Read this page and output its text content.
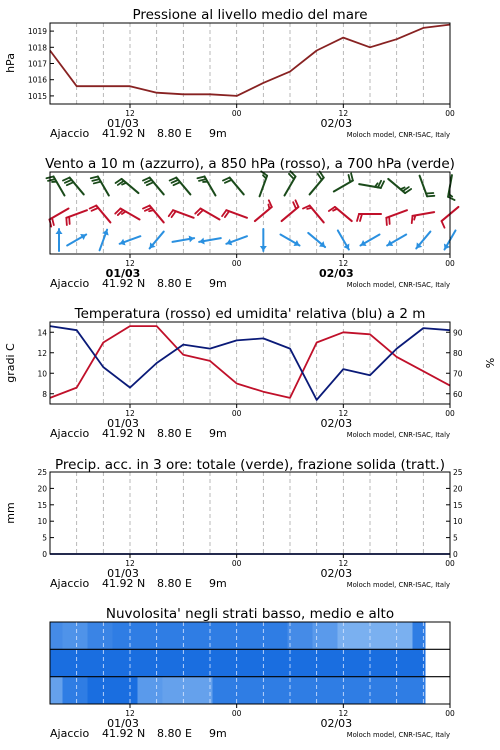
Pressione al livello medio del mare
hPa
1015
1016
1017
1018
1019
12	00	12	00
01/03	02/03
Ajaccio 41.92 N 8.80 E 9m	Moloch model, CNR-ISAC, Italy
Vento a 10 m (azzurro), a 850 hPa (rosso), a 700 hPa (verde)
12	00	12	00
01/03	02/03
Ajaccio 41.92 N 8.80 E 9m	Moloch model, CNR-ISAC, Italy
Temperatura (rosso) ed umidita' relativa (blu) a 2 m
gradi C	%
8
10
12
14
60
70
80
90
12	00	12	00
01/03	02/03
Ajaccio 41.92 N 8.80 E 9m	Moloch model, CNR-ISAC, Italy
Precip. acc. in 3 ore: totale (verde), frazione solida (tratt.)
mm
0
5
10
15
20
25
0
5
10
15
20
25
12	00	12	00
01/03	02/03
Ajaccio 41.92 N 8.80 E 9m	Moloch model, CNR-ISAC, Italy
Nuvolosita' negli strati basso, medio e alto
12	00	12	00
01/03	02/03
Ajaccio 41.92 N 8.80 E 9m	Moloch model, CNR-ISAC, Italy
